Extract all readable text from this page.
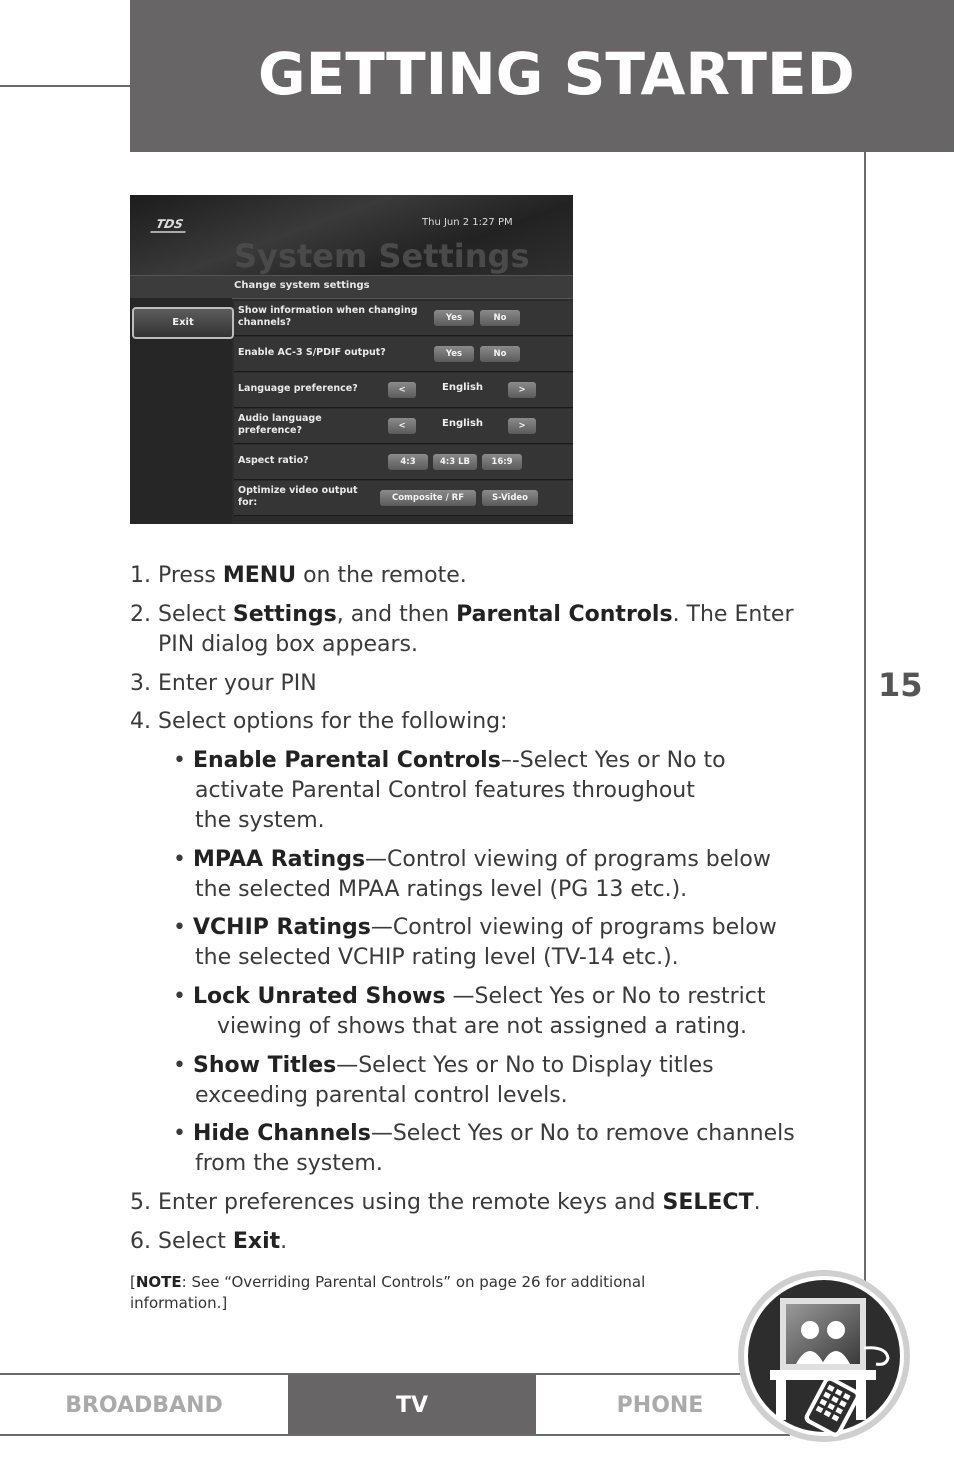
GETTING STARTED
15
TDS	Thu Jun 2 1:27 PM
System Settings
Change system settings
Exit
Show information when changing channels?	Yes	No
Enable AC-3 S/PDIF output?	Yes	No
Language preference?	<	English	>
Audio language preference?	<	English	>
Aspect ratio?	4:3	4:3 LB	16:9
Optimize video output for:	Composite / RF	S-Video
1. Press MENU on the remote.
2. Select Settings, and then Parental Controls. The Enter
PIN dialog box appears.
3. Enter your PIN
4. Select options for the following:
• Enable Parental Controls–-Select Yes or No to
activate Parental Control features throughout
the system.
• MPAA Ratings—Control viewing of programs below
the selected MPAA ratings level (PG 13 etc.).
• VCHIP Ratings—Control viewing of programs below
the selected VCHIP rating level (TV-14 etc.).
• Lock Unrated Shows —Select Yes or No to restrict
viewing of shows that are not assigned a rating.
• Show Titles—Select Yes or No to Display titles
exceeding parental control levels.
• Hide Channels—Select Yes or No to remove channels
from the system.
5. Enter preferences using the remote keys and SELECT.
6. Select Exit.
[NOTE: See “Overriding Parental Controls” on page 26 for additional
information.]
BROADBAND	TV	PHONE
